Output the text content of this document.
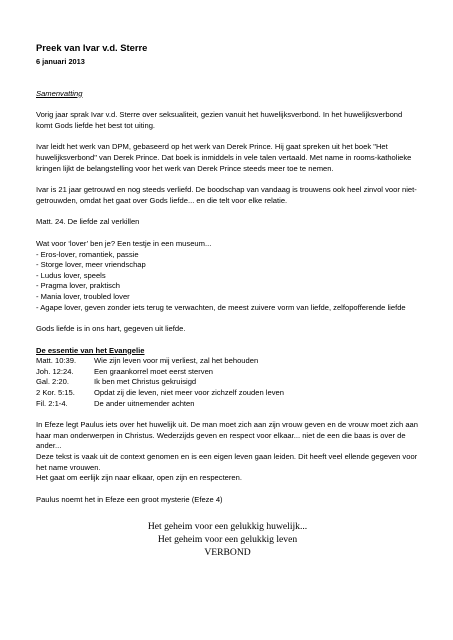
Preek van Ivar v.d. Sterre
6 januari 2013
Samenvatting

Vorig jaar sprak Ivar v.d. Sterre over seksualiteit, gezien vanuit het huwelijksverbond. In het huwelijksverbond komt Gods liefde het best tot uiting.

Ivar leidt het werk van DPM, gebaseerd op het werk van Derek Prince. Hij gaat spreken uit het boek "Het huwelijksverbond" van Derek Prince. Dat boek is inmiddels in vele talen vertaald. Met name in rooms-katholieke kringen lijkt de belangstelling voor het werk van Derek Prince steeds meer toe te nemen.

Ivar is 21 jaar getrouwd en nog steeds verliefd. De boodschap van vandaag is trouwens ook heel zinvol voor niet-getrouwden, omdat het gaat over Gods liefde... en die telt voor elke relatie.

Matt. 24. De liefde zal verkillen

Wat voor ‘lover’ ben je? Een testje in een museum...

- Eros-lover, romantiek, passie

- Storge lover, meer vriendschap

- Ludus lover, speels

- Pragma lover, praktisch

- Mania lover, troubled lover

- Agape lover, geven zonder iets terug te verwachten, de meest zuivere vorm van liefde, zelfopofferende liefde

Gods liefde is in ons hart, gegeven uit liefde.

De essentie van het Evangelie
Matt. 10:39.	Wie zijn leven voor mij verliest, zal het behouden
Joh. 12:24.	Een graankorrel moet eerst sterven
Gal. 2:20.	Ik ben met Christus gekruisigd
2 Kor. 5:15.	Opdat zij die leven, niet meer voor zichzelf zouden leven
Fil. 2:1-4.	De ander uitnemender achten

In Efeze legt Paulus iets over het huwelijk uit. De man moet zich aan zijn vrouw geven en de vrouw moet zich aan haar man onderwerpen in Christus. Wederzijds geven en respect voor elkaar... niet de een die baas is over de ander...

Deze tekst is vaak uit de context genomen en is een eigen leven gaan leiden. Dit heeft veel ellende gegeven voor het name vrouwen.

Het gaat om eerlijk zijn naar elkaar, open zijn en respecteren.

Paulus noemt het in Efeze een groot mysterie (Efeze 4)

Het geheim voor een gelukkig huwelijk...
Het geheim voor een gelukkig leven
VERBOND
